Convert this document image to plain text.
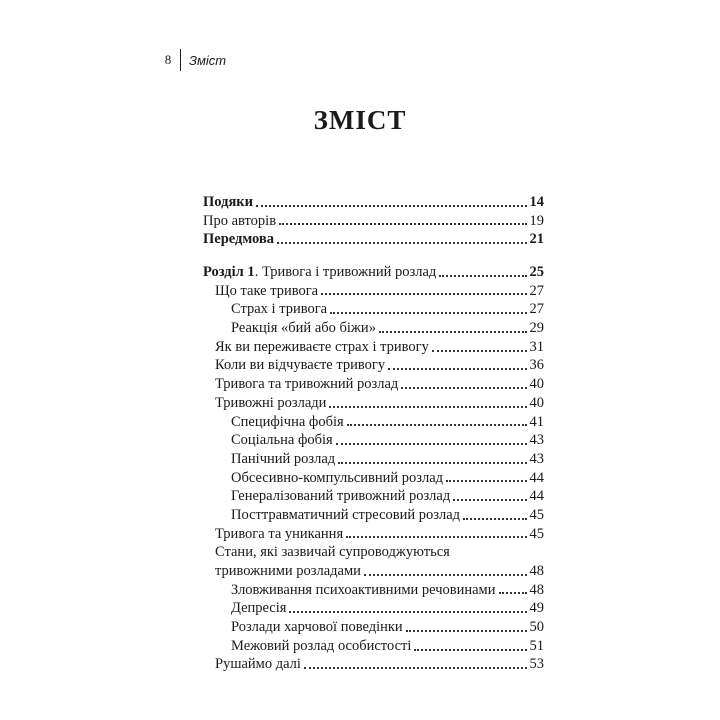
8	Зміст
ЗМІСТ
Подяки	14
Про авторів	19
Передмова	21
Розділ 1. Тривога і тривожний розлад	25
Що таке тривога	27
Страх і тривога	27
Реакція «бий або біжи»	29
Як ви переживаєте страх і тривогу	31
Коли ви відчуваєте тривогу	36
Тривога та тривожний розлад	40
Тривожні розлади	40
Специфічна фобія	41
Соціальна фобія	43
Панічний розлад	43
Обсесивно-компульсивний розлад	44
Генералізований тривожний розлад	44
Посттравматичний стресовий розлад	45
Тривога та уникання	45
Стани, які зазвичай супроводжуються
тривожними розладами	48
Зловживання психоактивними речовинами 48
Депресія	49
Розлади харчової поведінки	50
Межовий розлад особистості	51
Рушаймо далі	53
